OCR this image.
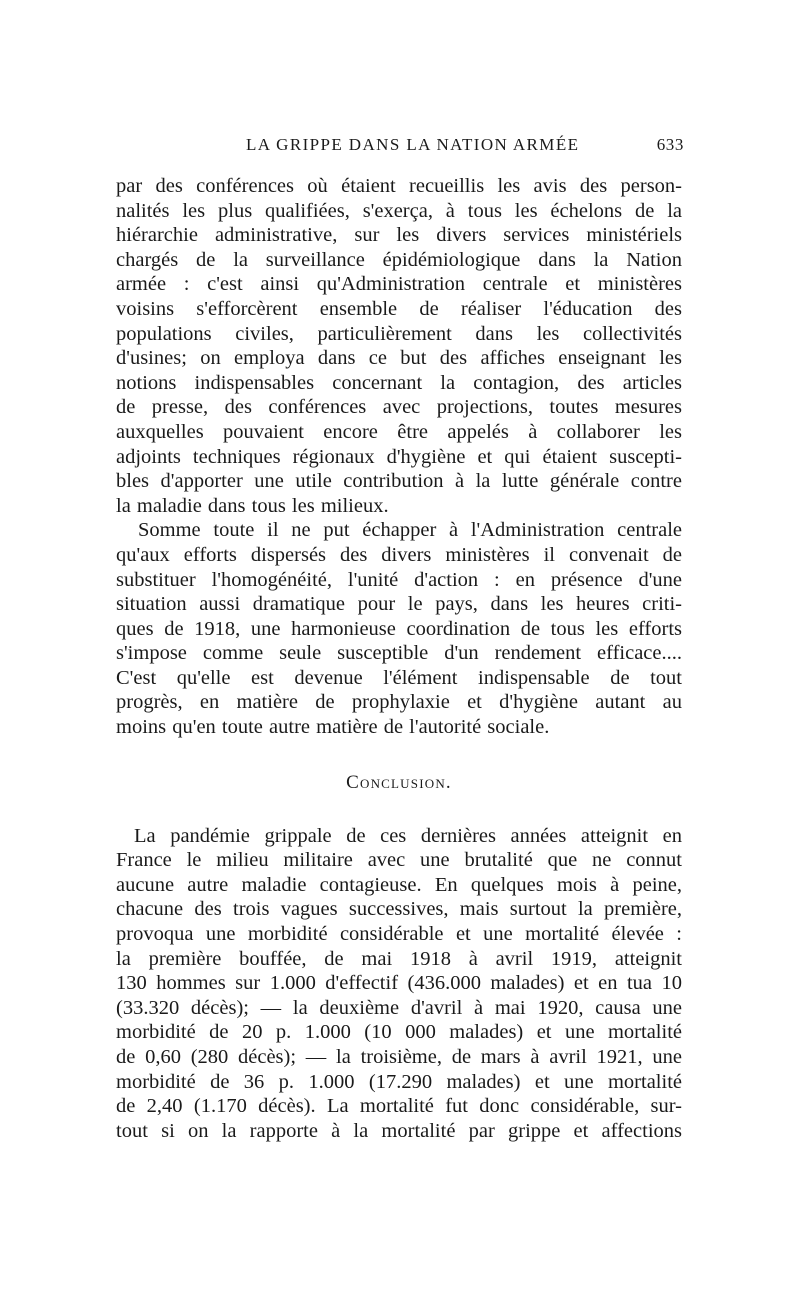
LA GRIPPE DANS LA NATION ARMÉE	633

par des conférences où étaient recueillis les avis des person-
nalités les plus qualifiées, s'exerça, à tous les échelons de la
hiérarchie administrative, sur les divers services ministériels
chargés de la surveillance épidémiologique dans la Nation
armée : c'est ainsi qu'Administration centrale et ministères
voisins s'efforcèrent ensemble de réaliser l'éducation des
populations civiles, particulièrement dans les collectivités
d'usines; on employa dans ce but des affiches enseignant les
notions indispensables concernant la contagion, des articles
de presse, des conférences avec projections, toutes mesures
auxquelles pouvaient encore être appelés à collaborer les
adjoints techniques régionaux d'hygiène et qui étaient suscepti-
bles d'apporter une utile contribution à la lutte générale contre
la maladie dans tous les milieux.

Somme toute il ne put échapper à l'Administration centrale
qu'aux efforts dispersés des divers ministères il convenait de
substituer l'homogénéité, l'unité d'action : en présence d'une
situation aussi dramatique pour le pays, dans les heures criti-
ques de 1918, une harmonieuse coordination de tous les efforts
s'impose comme seule susceptible d'un rendement efficace....
C'est qu'elle est devenue l'élément indispensable de tout
progrès, en matière de prophylaxie et d'hygiène autant au
moins qu'en toute autre matière de l'autorité sociale.

Conclusion.

La pandémie grippale de ces dernières années atteignit en
France le milieu militaire avec une brutalité que ne connut
aucune autre maladie contagieuse. En quelques mois à peine,
chacune des trois vagues successives, mais surtout la première,
provoqua une morbidité considérable et une mortalité élevée :
la première bouffée, de mai 1918 à avril 1919, atteignit
130 hommes sur 1.000 d'effectif (436.000 malades) et en tua 10
(33.320 décès); — la deuxième d'avril à mai 1920, causa une
morbidité de 20 p. 1.000 (10 000 malades) et une mortalité
de 0,60 (280 décès); — la troisième, de mars à avril 1921, une
morbidité de 36 p. 1.000 (17.290 malades) et une mortalité
de 2,40 (1.170 décès). La mortalité fut donc considérable, sur-
tout si on la rapporte à la mortalité par grippe et affections
